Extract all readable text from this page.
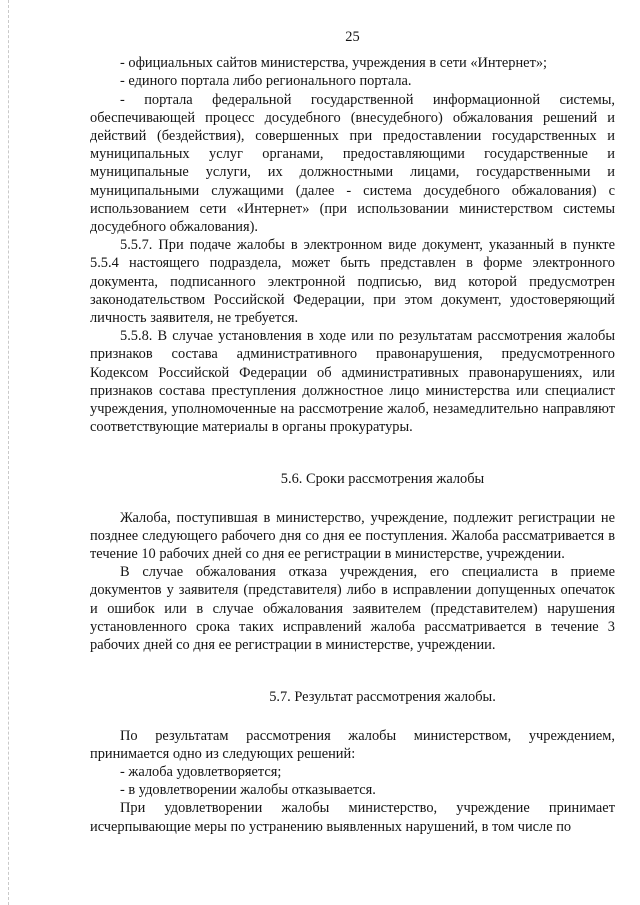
25

- официальных сайтов министерства, учреждения в сети «Интернет»;

- единого портала либо регионального портала.

- портала федеральной государственной информационной системы, обеспечивающей процесс досудебного (внесудебного) обжалования решений и действий (бездействия), совершенных при предоставлении государственных и муниципальных услуг органами, предоставляющими государственные и муниципальные услуги, их должностными лицами, государственными и муниципальными служащими (далее - система досудебного обжалования) с использованием сети «Интернет» (при использовании министерством системы досудебного обжалования).

5.5.7. При подаче жалобы в электронном виде документ, указанный в пункте 5.5.4 настоящего подраздела, может быть представлен в форме электронного документа, подписанного электронной подписью, вид которой предусмотрен законодательством Российской Федерации, при этом документ, удостоверяющий личность заявителя, не требуется.

5.5.8. В случае установления в ходе или по результатам рассмотрения жалобы признаков состава административного правонарушения, предусмотренного Кодексом Российской Федерации об административных правонарушениях, или признаков состава преступления должностное лицо министерства или специалист учреждения, уполномоченные на рассмотрение жалоб, незамедлительно направляют соответствующие материалы в органы прокуратуры.

5.6. Сроки рассмотрения жалобы

Жалоба, поступившая в министерство, учреждение, подлежит регистрации не позднее следующего рабочего дня со дня ее поступления. Жалоба рассматривается в течение 10 рабочих дней со дня ее регистрации в министерстве, учреждении.

В случае обжалования отказа учреждения, его специалиста в приеме документов у заявителя (представителя) либо в исправлении допущенных опечаток и ошибок или в случае обжалования заявителем (представителем) нарушения установленного срока таких исправлений жалоба рассматривается в течение 3 рабочих дней со дня ее регистрации в министерстве, учреждении.

5.7. Результат рассмотрения жалобы.

По результатам рассмотрения жалобы министерством, учреждением, принимается одно из следующих решений:

- жалоба удовлетворяется;

- в удовлетворении жалобы отказывается.

При удовлетворении жалобы министерство, учреждение принимает исчерпывающие меры по устранению выявленных нарушений, в том числе по
